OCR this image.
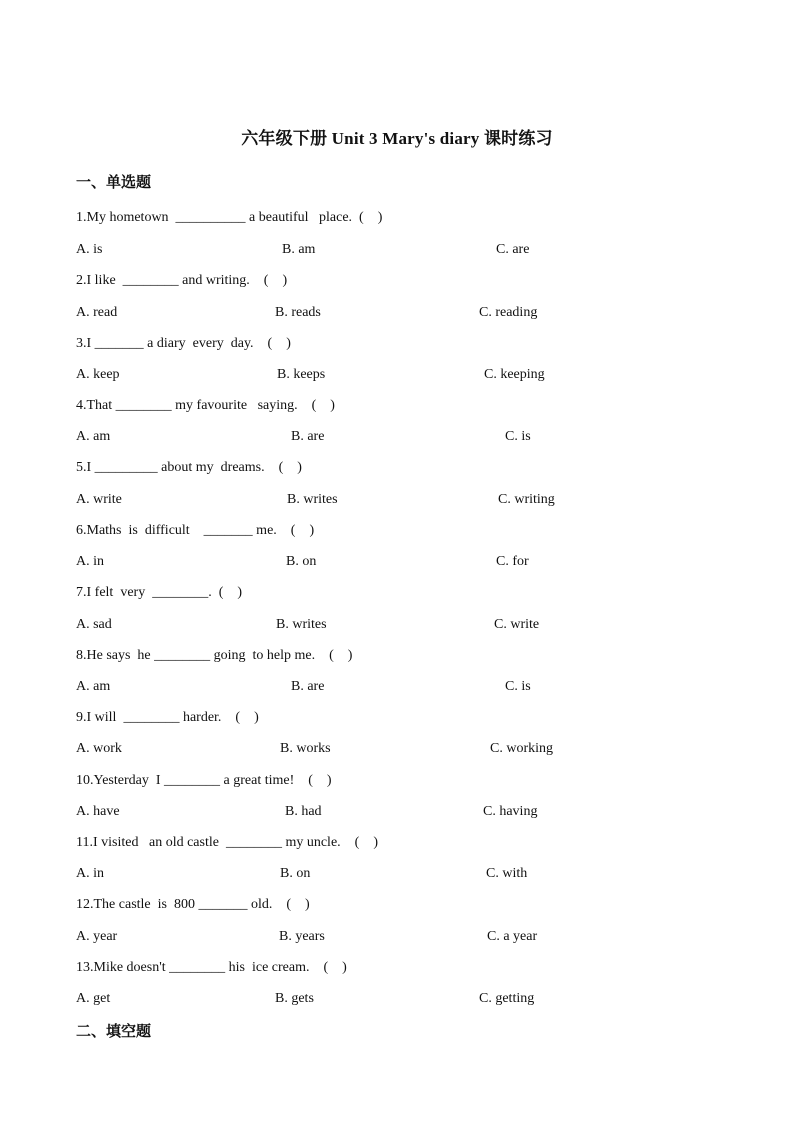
六年级下册 Unit 3 Mary's diary 课时练习
一、单选题
1.My hometown  __________ a beautiful   place.  (    )
A. is	B. am	C. are
2.I like  ________ and writing.    (    )
A. read	B. reads	C. reading
3.I _______ a diary  every  day.    (    )
A. keep	B. keeps	C. keeping
4.That ________ my favourite   saying.    (    )
A. am	B. are	C. is
5.I _________ about my  dreams.    (    )
A. write	B. writes	C. writing
6.Maths  is  difficult    _______ me.    (    )
A. in	B. on	C. for
7.I felt  very  ________.  (    )
A. sad	B. writes	C. write
8.He says  he ________ going  to help me.    (    )
A. am	B. are	C. is
9.I will  ________ harder.    (    )
A. work	B. works	C. working
10.Yesterday  I ________ a great time!    (    )
A. have	B. had	C. having
11.I visited   an old castle  ________ my uncle.    (    )
A. in	B. on	C. with
12.The castle  is  800 _______ old.    (    )
A. year	B. years	C. a year
13.Mike doesn't ________ his  ice cream.    (    )
A. get	B. gets	C. getting
二、填空题
